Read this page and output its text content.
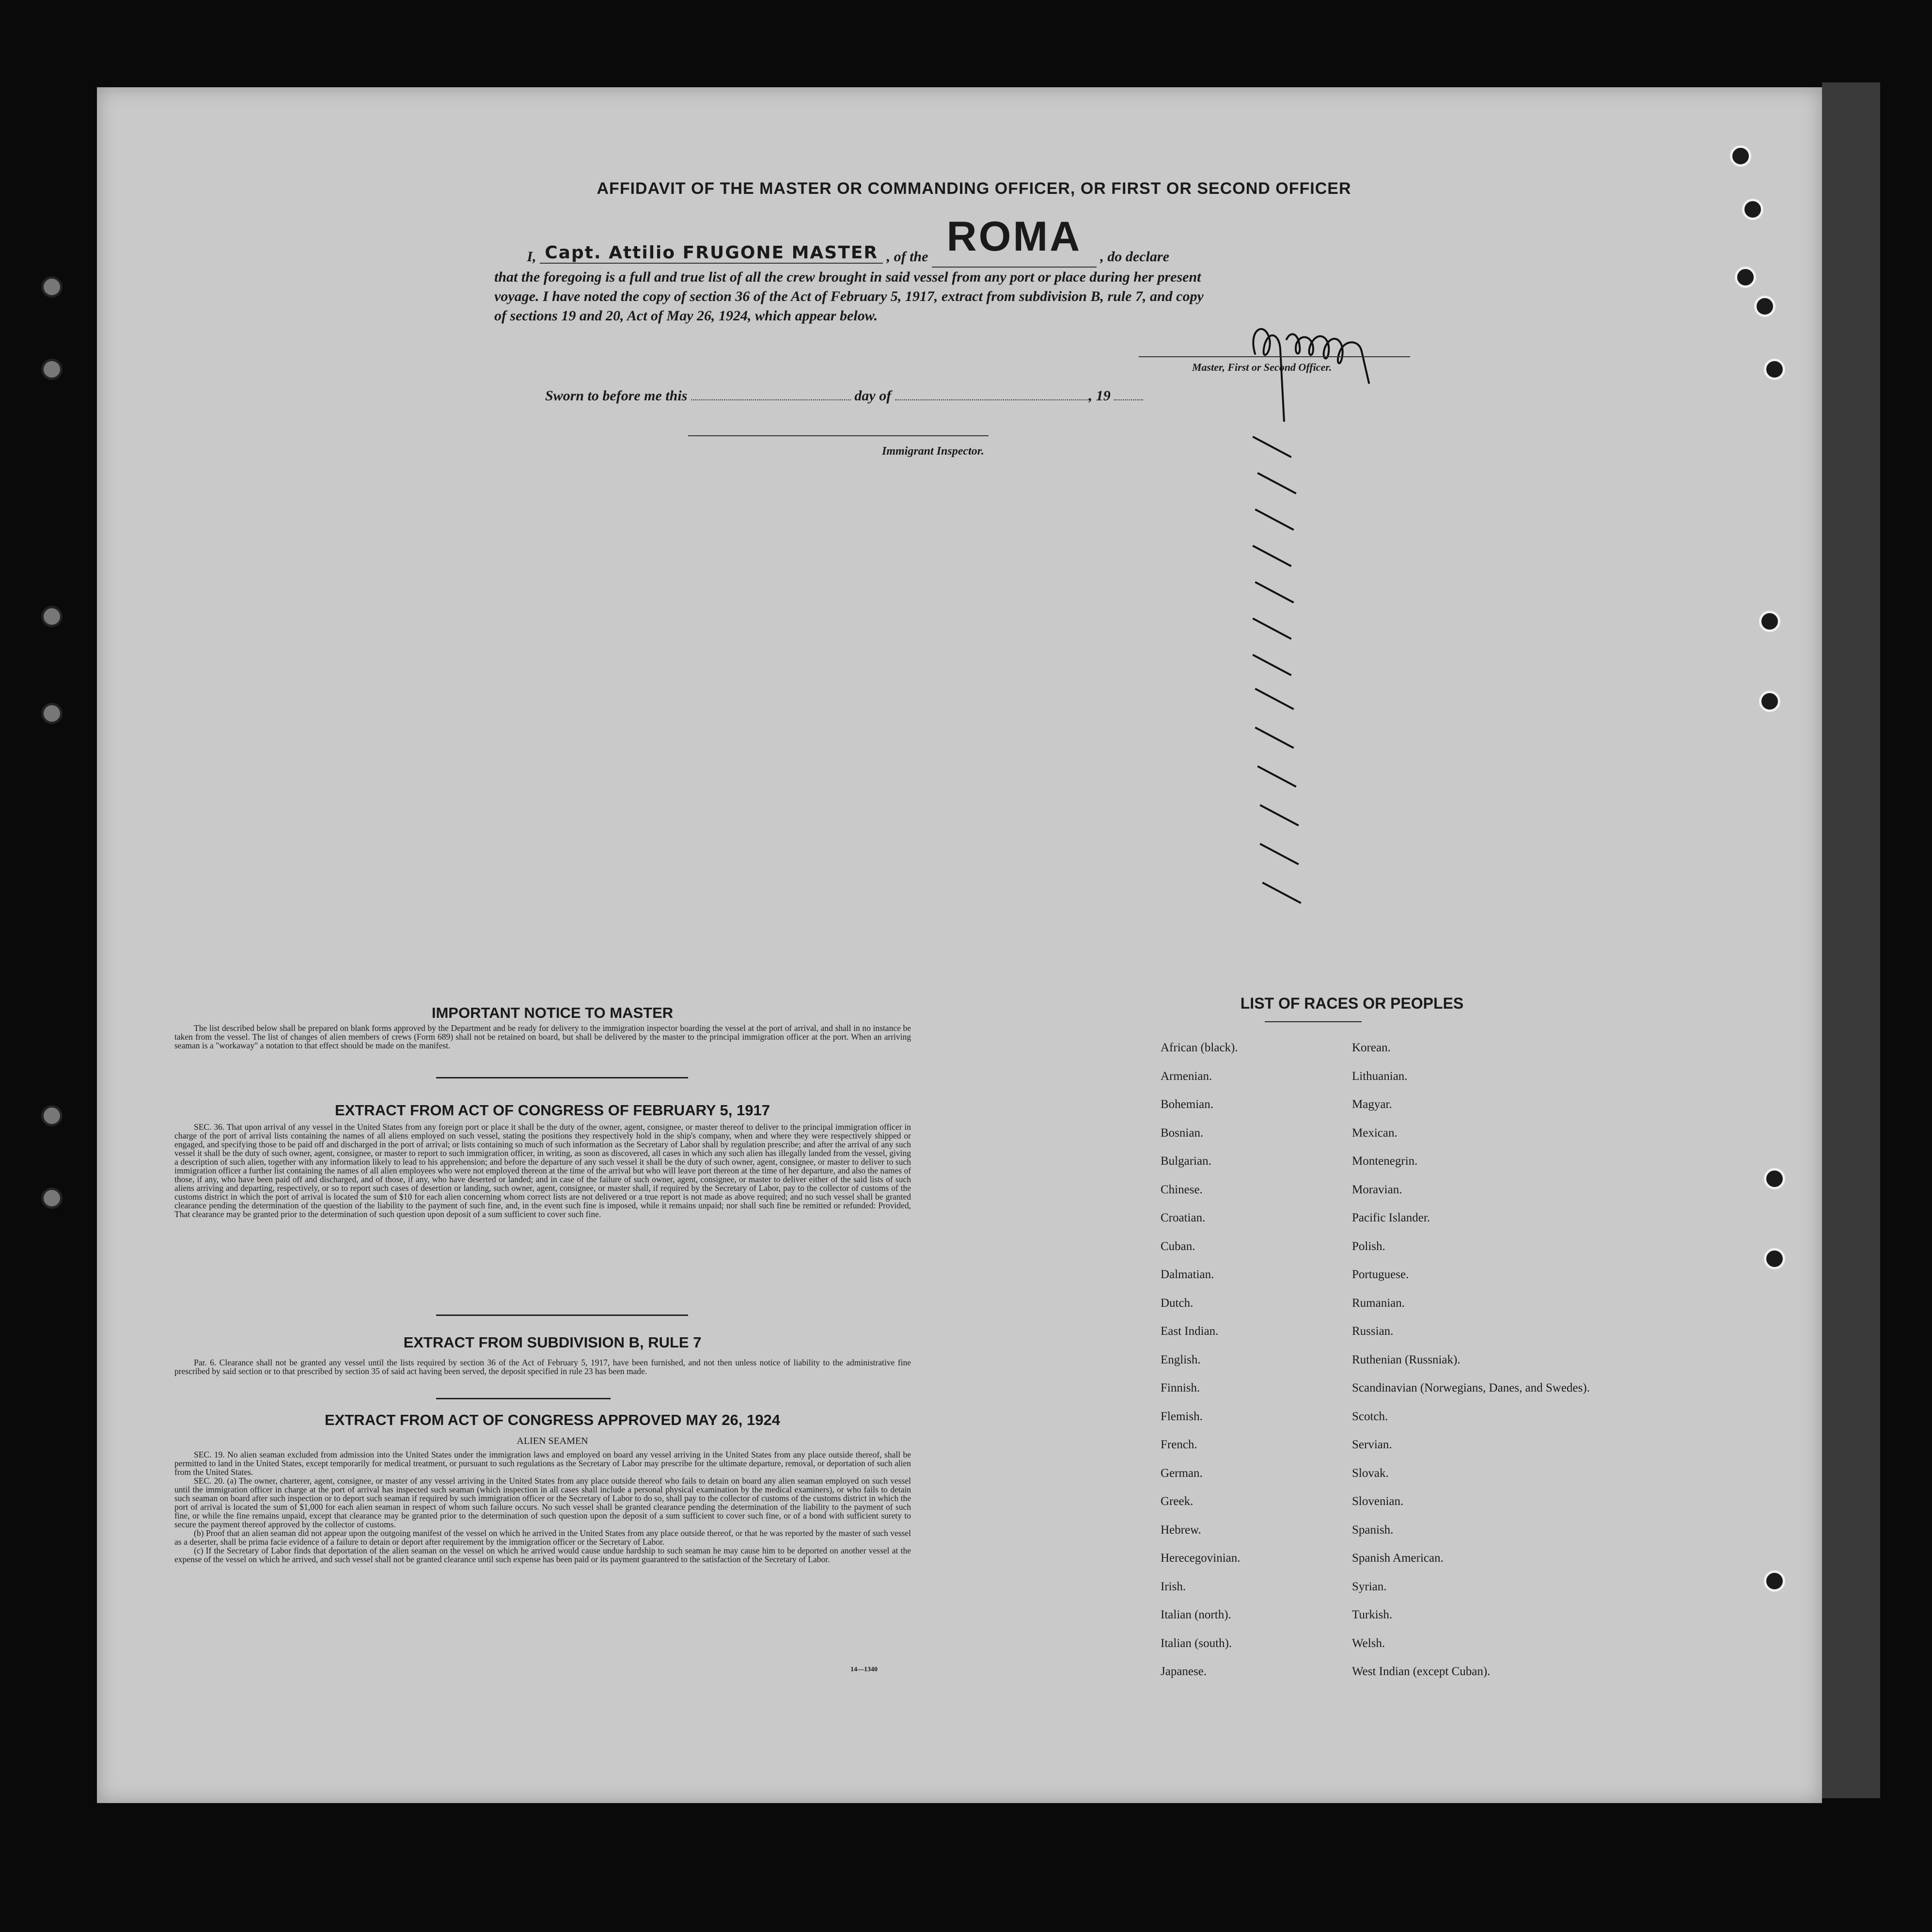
AFFIDAVIT OF THE MASTER OR COMMANDING OFFICER, OR FIRST OR SECOND OFFICER
I, Capt. Attilio FRUGONE MASTER , of the ROMA , do declare
that the foregoing is a full and true list of all the crew brought in said vessel from any port or place during her present
voyage. I have noted the copy of section 36 of the Act of February 5, 1917, extract from subdivision B, rule 7, and copy
of sections 19 and 20, Act of May 26, 1924, which appear below.
Master, First or Second Officer.
Sworn to before me this	day of	, 19
Immigrant Inspector.
IMPORTANT NOTICE TO MASTER

The list described below shall be prepared on blank forms approved by the Department and be ready for delivery to the immigration inspector boarding the vessel at the port of arrival, and shall in no instance be taken from the vessel. The list of changes of alien members of crews (Form 689) shall not be retained on board, but shall be delivered by the master to the principal immigration officer at the port. When an arriving seaman is a "workaway" a notation to that effect should be made on the manifest.

EXTRACT FROM ACT OF CONGRESS OF FEBRUARY 5, 1917

SEC. 36. That upon arrival of any vessel in the United States from any foreign port or place it shall be the duty of the owner, agent, consignee, or master thereof to deliver to the principal immigration officer in charge of the port of arrival lists containing the names of all aliens employed on such vessel, stating the positions they respectively hold in the ship's company, when and where they were respectively shipped or engaged, and specifying those to be paid off and discharged in the port of arrival; or lists containing so much of such information as the Secretary of Labor shall by regulation prescribe; and after the arrival of any such vessel it shall be the duty of such owner, agent, consignee, or master to report to such immigration officer, in writing, as soon as discovered, all cases in which any such alien has illegally landed from the vessel, giving a description of such alien, together with any information likely to lead to his apprehension; and before the departure of any such vessel it shall be the duty of such owner, agent, consignee, or master to deliver to such immigration officer a further list containing the names of all alien employees who were not employed thereon at the time of the arrival but who will leave port thereon at the time of her departure, and also the names of those, if any, who have been paid off and discharged, and of those, if any, who have deserted or landed; and in case of the failure of such owner, agent, consignee, or master to deliver either of the said lists of such aliens arriving and departing, respectively, or so to report such cases of desertion or landing, such owner, agent, consignee, or master shall, if required by the Secretary of Labor, pay to the collector of customs of the customs district in which the port of arrival is located the sum of $10 for each alien concerning whom correct lists are not delivered or a true report is not made as above required; and no such vessel shall be granted clearance pending the determination of the question of the liability to the payment of such fine, and, in the event such fine is imposed, while it remains unpaid; nor shall such fine be remitted or refunded: Provided, That clearance may be granted prior to the determination of such question upon deposit of a sum sufficient to cover such fine.

EXTRACT FROM SUBDIVISION B, RULE 7

Par. 6. Clearance shall not be granted any vessel until the lists required by section 36 of the Act of February 5, 1917, have been furnished, and not then unless notice of liability to the administrative fine prescribed by said section or to that prescribed by section 35 of said act having been served, the deposit specified in rule 23 has been made.

EXTRACT FROM ACT OF CONGRESS APPROVED MAY 26, 1924
ALIEN SEAMEN

SEC. 19. No alien seaman excluded from admission into the United States under the immigration laws and employed on board any vessel arriving in the United States from any place outside thereof, shall be permitted to land in the United States, except temporarily for medical treatment, or pursuant to such regulations as the Secretary of Labor may prescribe for the ultimate departure, removal, or deportation of such alien from the United States.

SEC. 20. (a) The owner, charterer, agent, consignee, or master of any vessel arriving in the United States from any place outside thereof who fails to detain on board any alien seaman employed on such vessel until the immigration officer in charge at the port of arrival has inspected such seaman (which inspection in all cases shall include a personal physical examination by the medical examiners), or who fails to detain such seaman on board after such inspection or to deport such seaman if required by such immigration officer or the Secretary of Labor to do so, shall pay to the collector of customs of the customs district in which the port of arrival is located the sum of $1,000 for each alien seaman in respect of whom such failure occurs. No such vessel shall be granted clearance pending the determination of the liability to the payment of such fine, or while the fine remains unpaid, except that clearance may be granted prior to the determination of such question upon the deposit of a sum sufficient to cover such fine, or of a bond with sufficient surety to secure the payment thereof approved by the collector of customs.

(b) Proof that an alien seaman did not appear upon the outgoing manifest of the vessel on which he arrived in the United States from any place outside thereof, or that he was reported by the master of such vessel as a deserter, shall be prima facie evidence of a failure to detain or deport after requirement by the immigration officer or the Secretary of Labor.

(c) If the Secretary of Labor finds that deportation of the alien seaman on the vessel on which he arrived would cause undue hardship to such seaman he may cause him to be deported on another vessel at the expense of the vessel on which he arrived, and such vessel shall not be granted clearance until such expense has been paid or its payment guaranteed to the satisfaction of the Secretary of Labor.

14—1340
LIST OF RACES OR PEOPLES
African (black).
Armenian.
Bohemian.
Bosnian.
Bulgarian.
Chinese.
Croatian.
Cuban.
Dalmatian.
Dutch.
East Indian.
English.
Finnish.
Flemish.
French.
German.
Greek.
Hebrew.
Herecegovinian.
Irish.
Italian (north).
Italian (south).
Japanese.
Korean.
Lithuanian.
Magyar.
Mexican.
Montenegrin.
Moravian.
Pacific Islander.
Polish.
Portuguese.
Rumanian.
Russian.
Ruthenian (Russniak).
Scandinavian (Norwegians, Danes, and Swedes).
Scotch.
Servian.
Slovak.
Slovenian.
Spanish.
Spanish American.
Syrian.
Turkish.
Welsh.
West Indian (except Cuban).
